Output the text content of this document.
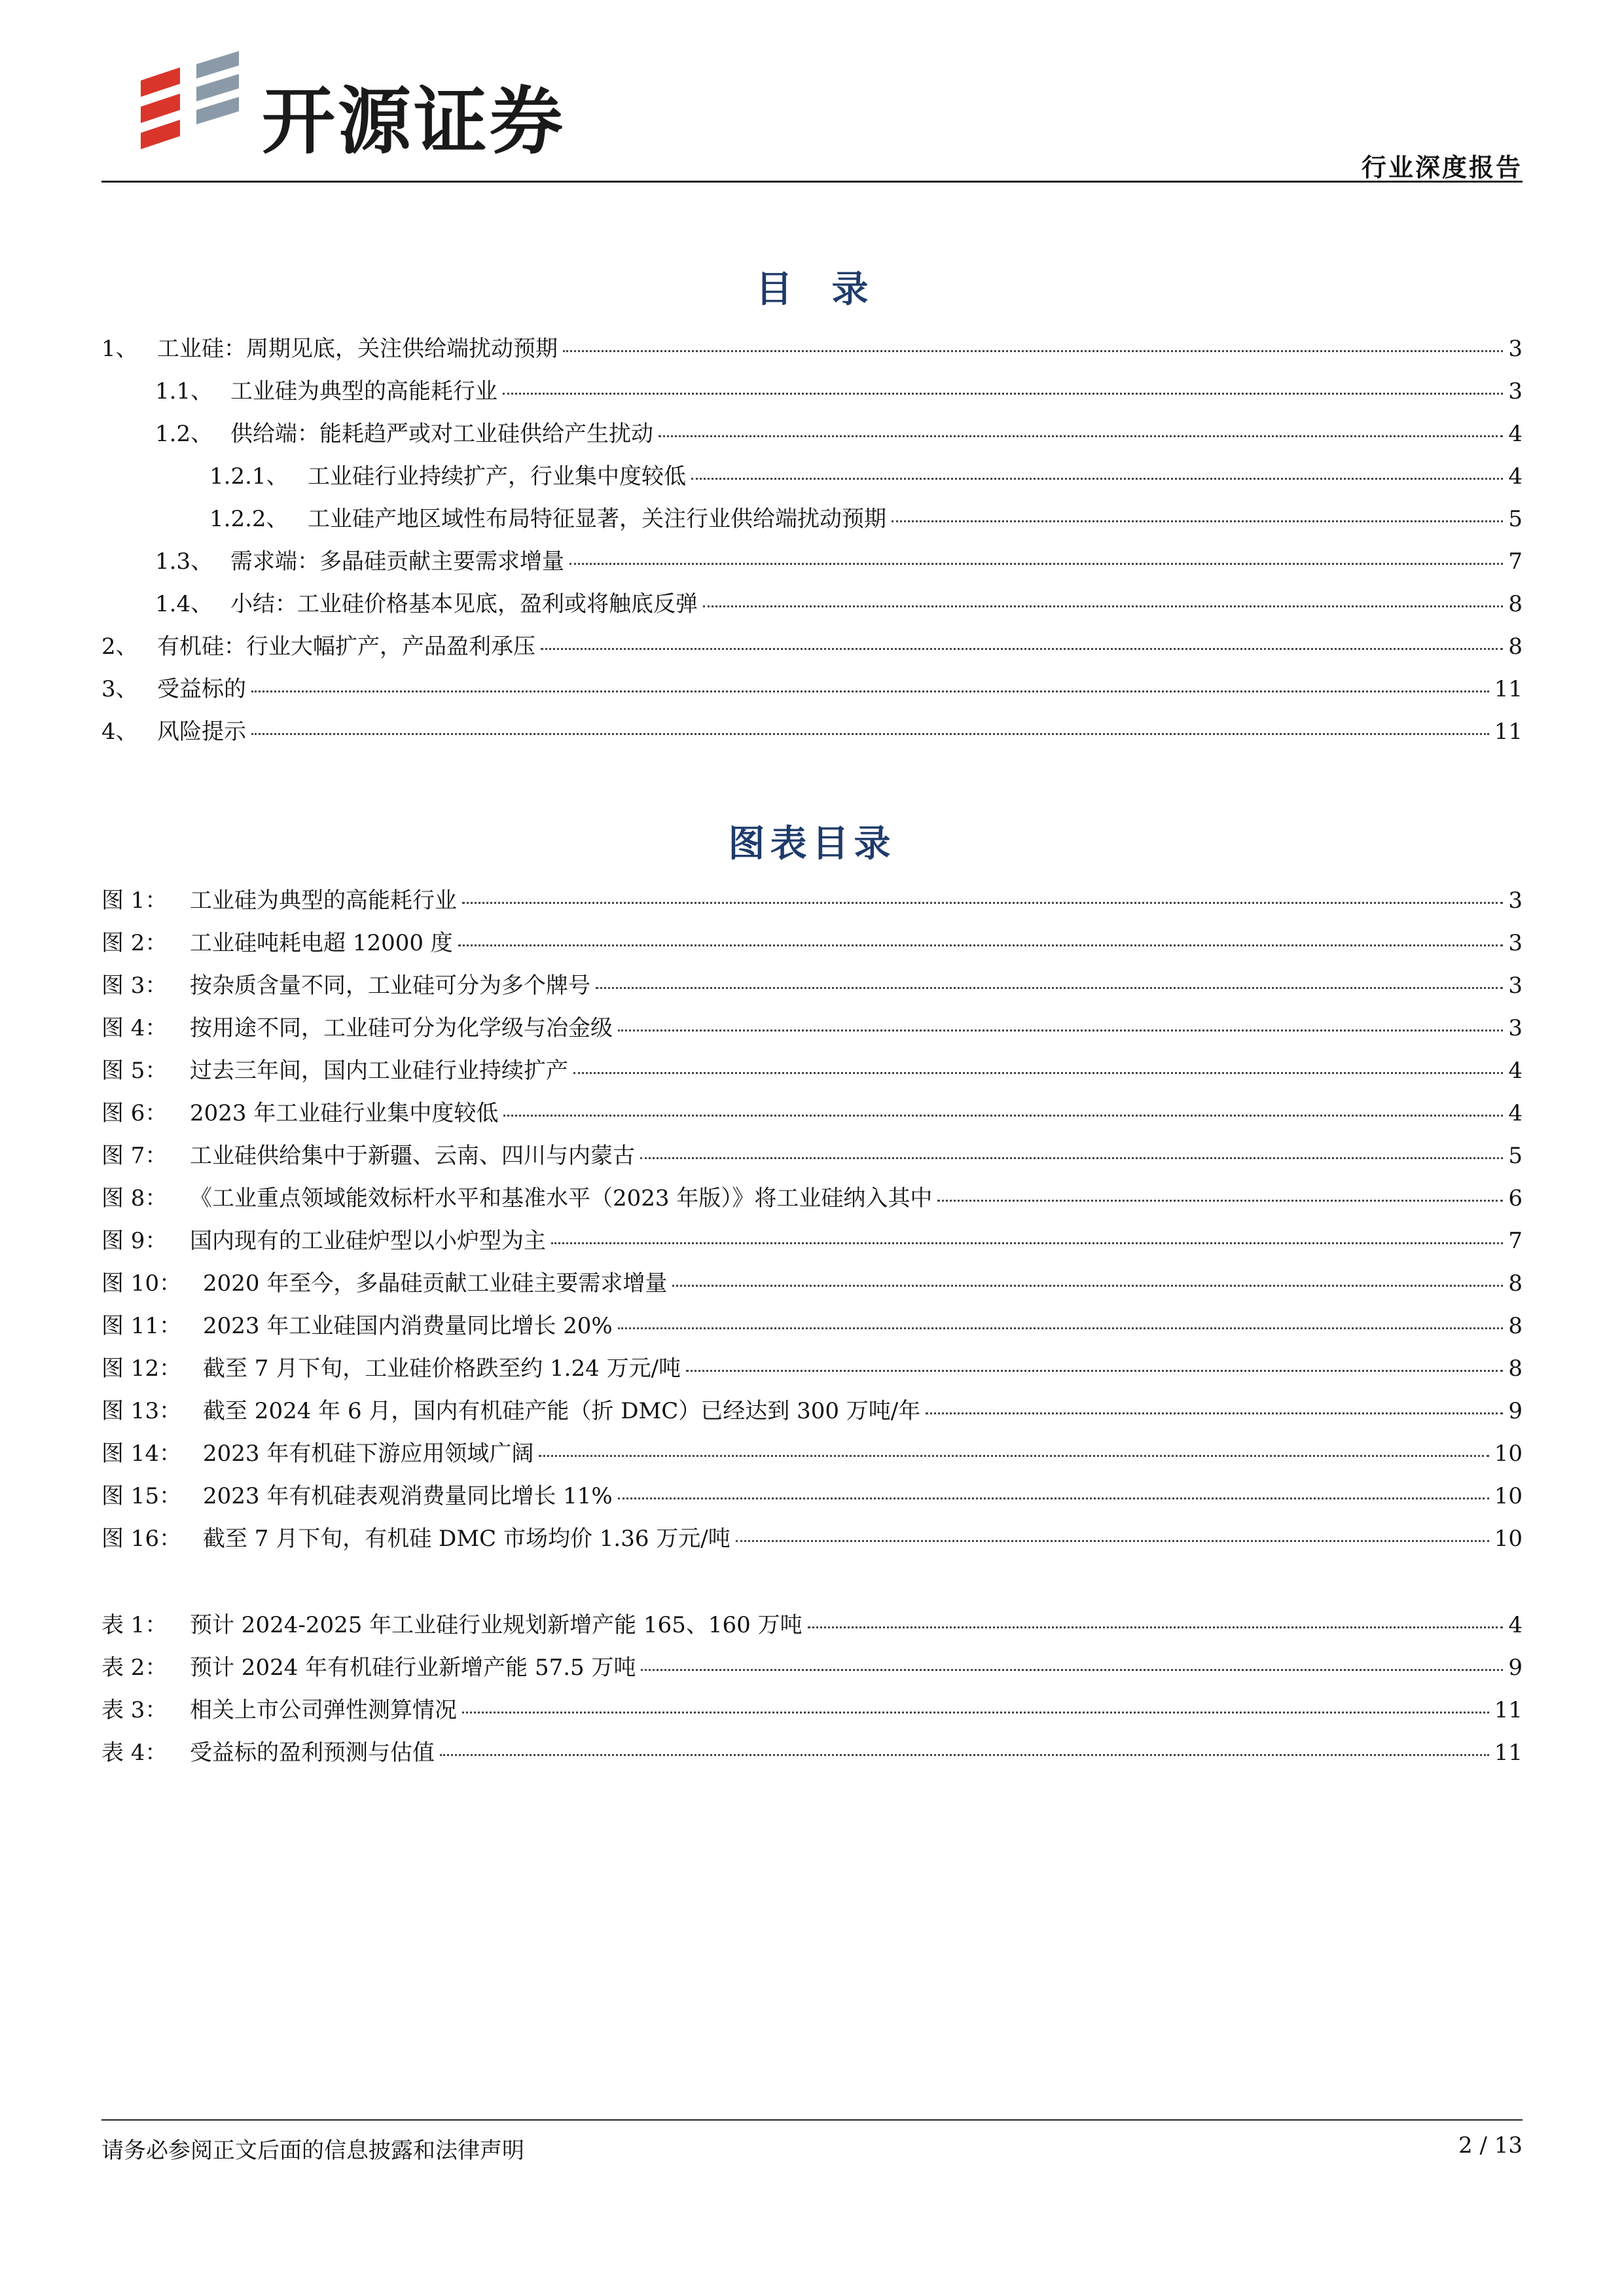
开源证券
行业深度报告
目录
1、 工业硅：周期见底，关注供给端扰动预期	3
1.1、 工业硅为典型的高能耗行业	3
1.2、 供给端：能耗趋严或对工业硅供给产生扰动	4
1.2.1、 工业硅行业持续扩产，行业集中度较低	4
1.2.2、 工业硅产地区域性布局特征显著，关注行业供给端扰动预期	5
1.3、 需求端：多晶硅贡献主要需求增量	7
1.4、 小结：工业硅价格基本见底，盈利或将触底反弹	8
2、 有机硅：行业大幅扩产，产品盈利承压	8
3、 受益标的	11
4、 风险提示	11
图表目录
图 1：	工业硅为典型的高能耗行业	3
图 2：	工业硅吨耗电超 12000 度	3
图 3：	按杂质含量不同，工业硅可分为多个牌号	3
图 4：	按用途不同，工业硅可分为化学级与冶金级	3
图 5：	过去三年间，国内工业硅行业持续扩产	4
图 6：	2023 年工业硅行业集中度较低	4
图 7：	工业硅供给集中于新疆、云南、四川与内蒙古	5
图 8：	《工业重点领域能效标杆水平和基准水平（2023 年版）》将工业硅纳入其中	6
图 9：	国内现有的工业硅炉型以小炉型为主	7
图 10： 2020 年至今，多晶硅贡献工业硅主要需求增量	8
图 11： 2023 年工业硅国内消费量同比增长 20%	8
图 12： 截至 7 月下旬，工业硅价格跌至约 1.24 万元/吨	8
图 13： 截至 2024 年 6 月，国内有机硅产能（折 DMC）已经达到 300 万吨/年	9
图 14： 2023 年有机硅下游应用领域广阔	10
图 15： 2023 年有机硅表观消费量同比增长 11%	10
图 16： 截至 7 月下旬，有机硅 DMC 市场均价 1.36 万元/吨	10
表 1：	预计 2024-2025 年工业硅行业规划新增产能 165、160 万吨	4
表 2：	预计 2024 年有机硅行业新增产能 57.5 万吨	9
表 3：	相关上市公司弹性测算情况	11
表 4：	受益标的盈利预测与估值	11
请务必参阅正文后面的信息披露和法律声明	2 / 13
